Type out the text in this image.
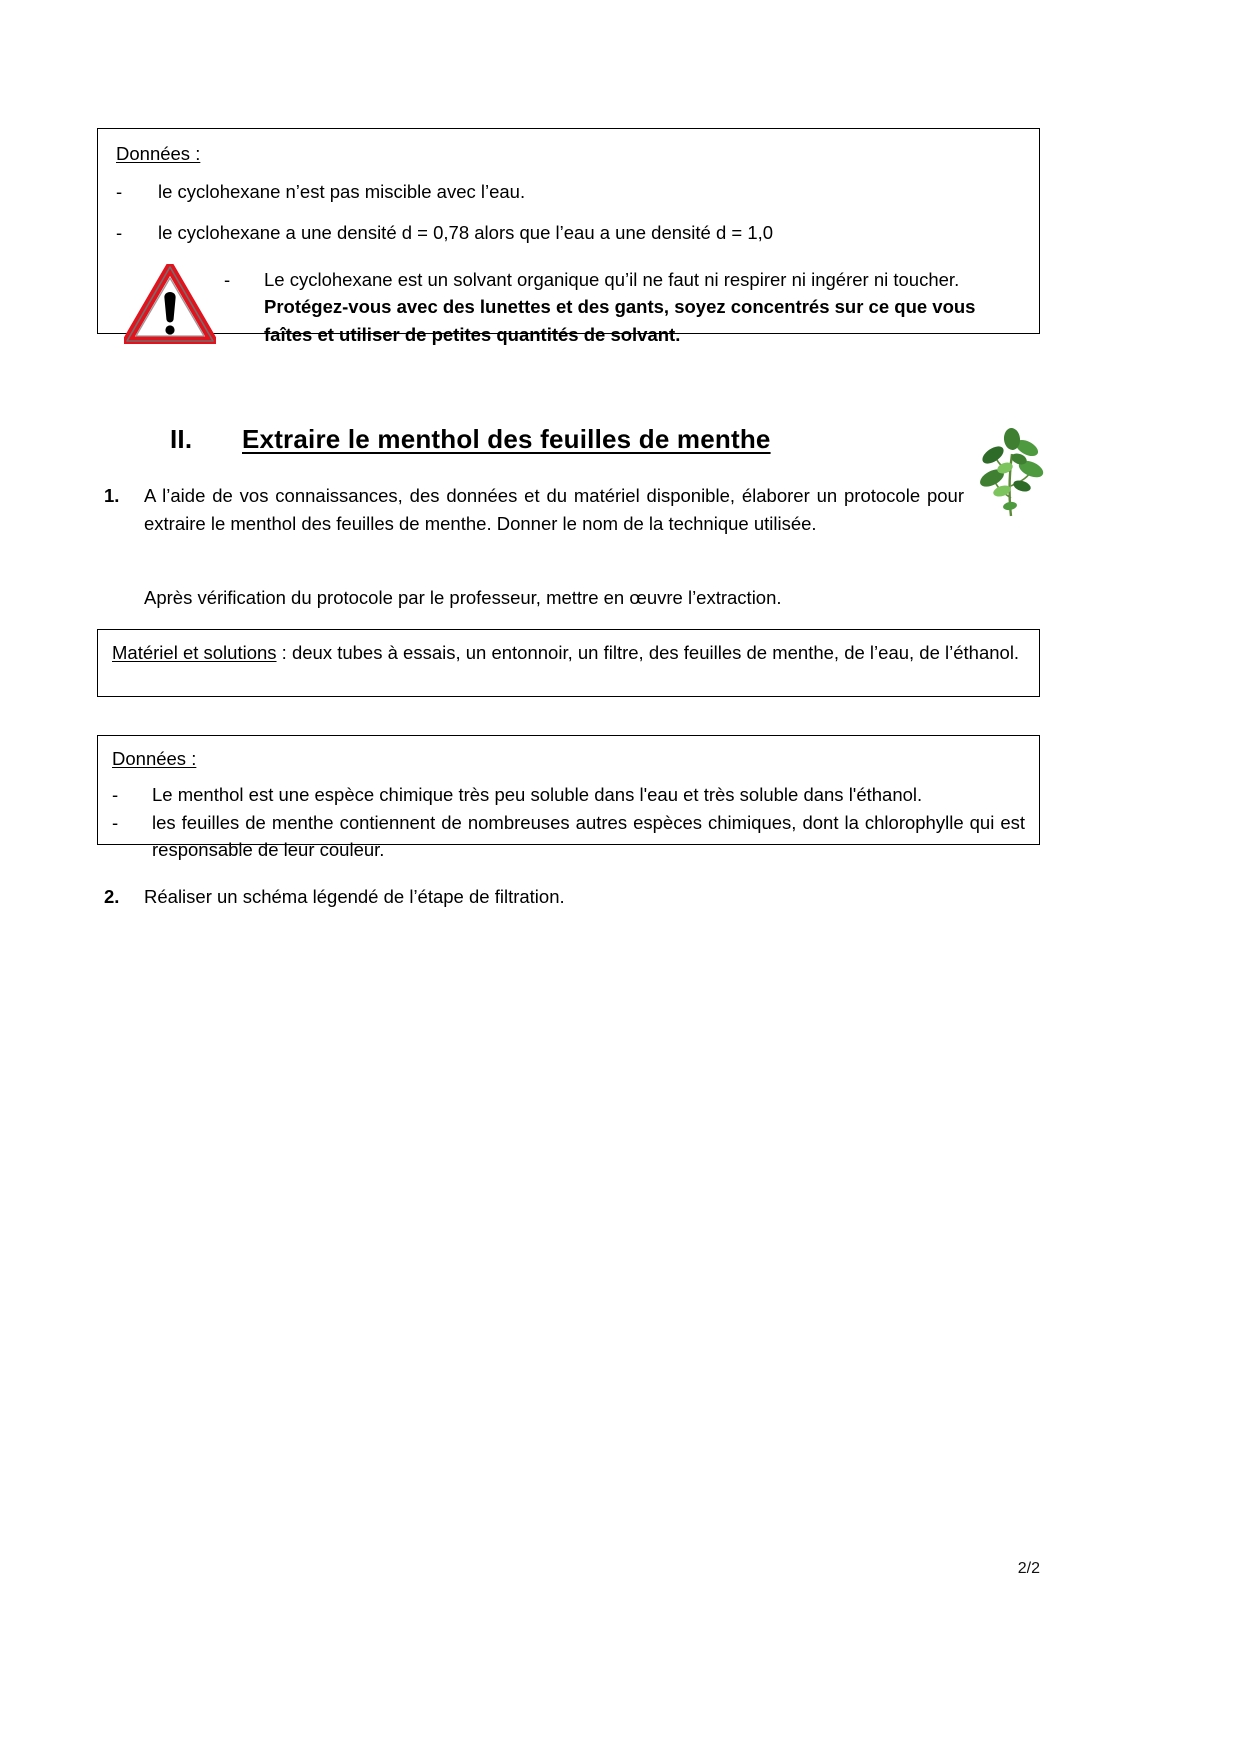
Données :
-	le cyclohexane n’est pas miscible avec l’eau.
-	le cyclohexane a une densité d = 0,78 alors que l’eau a une densité d = 1,0
-	Le cyclohexane est un solvant organique qu’il ne faut ni respirer ni ingérer ni toucher. Protégez-vous avec des lunettes et des gants, soyez concentrés sur ce que vous faîtes et utiliser de petites quantités de solvant.
II. Extraire le menthol des feuilles de menthe
1.	A l’aide de vos connaissances, des données et du matériel disponible, élaborer un protocole pour extraire le menthol des feuilles de menthe. Donner le nom de la technique utilisée.
Après vérification du protocole par le professeur, mettre en œuvre l’extraction.
Matériel et solutions : deux tubes à essais, un entonnoir, un filtre, des feuilles de menthe, de l’eau, de l’éthanol.
Données :
-	Le menthol est une espèce chimique très peu soluble dans l'eau et très soluble dans l'éthanol.
-	les feuilles de menthe contiennent de nombreuses autres espèces chimiques, dont la chlorophylle qui est responsable de leur couleur.
2.	Réaliser un schéma légendé de l’étape de filtration.
2/2
